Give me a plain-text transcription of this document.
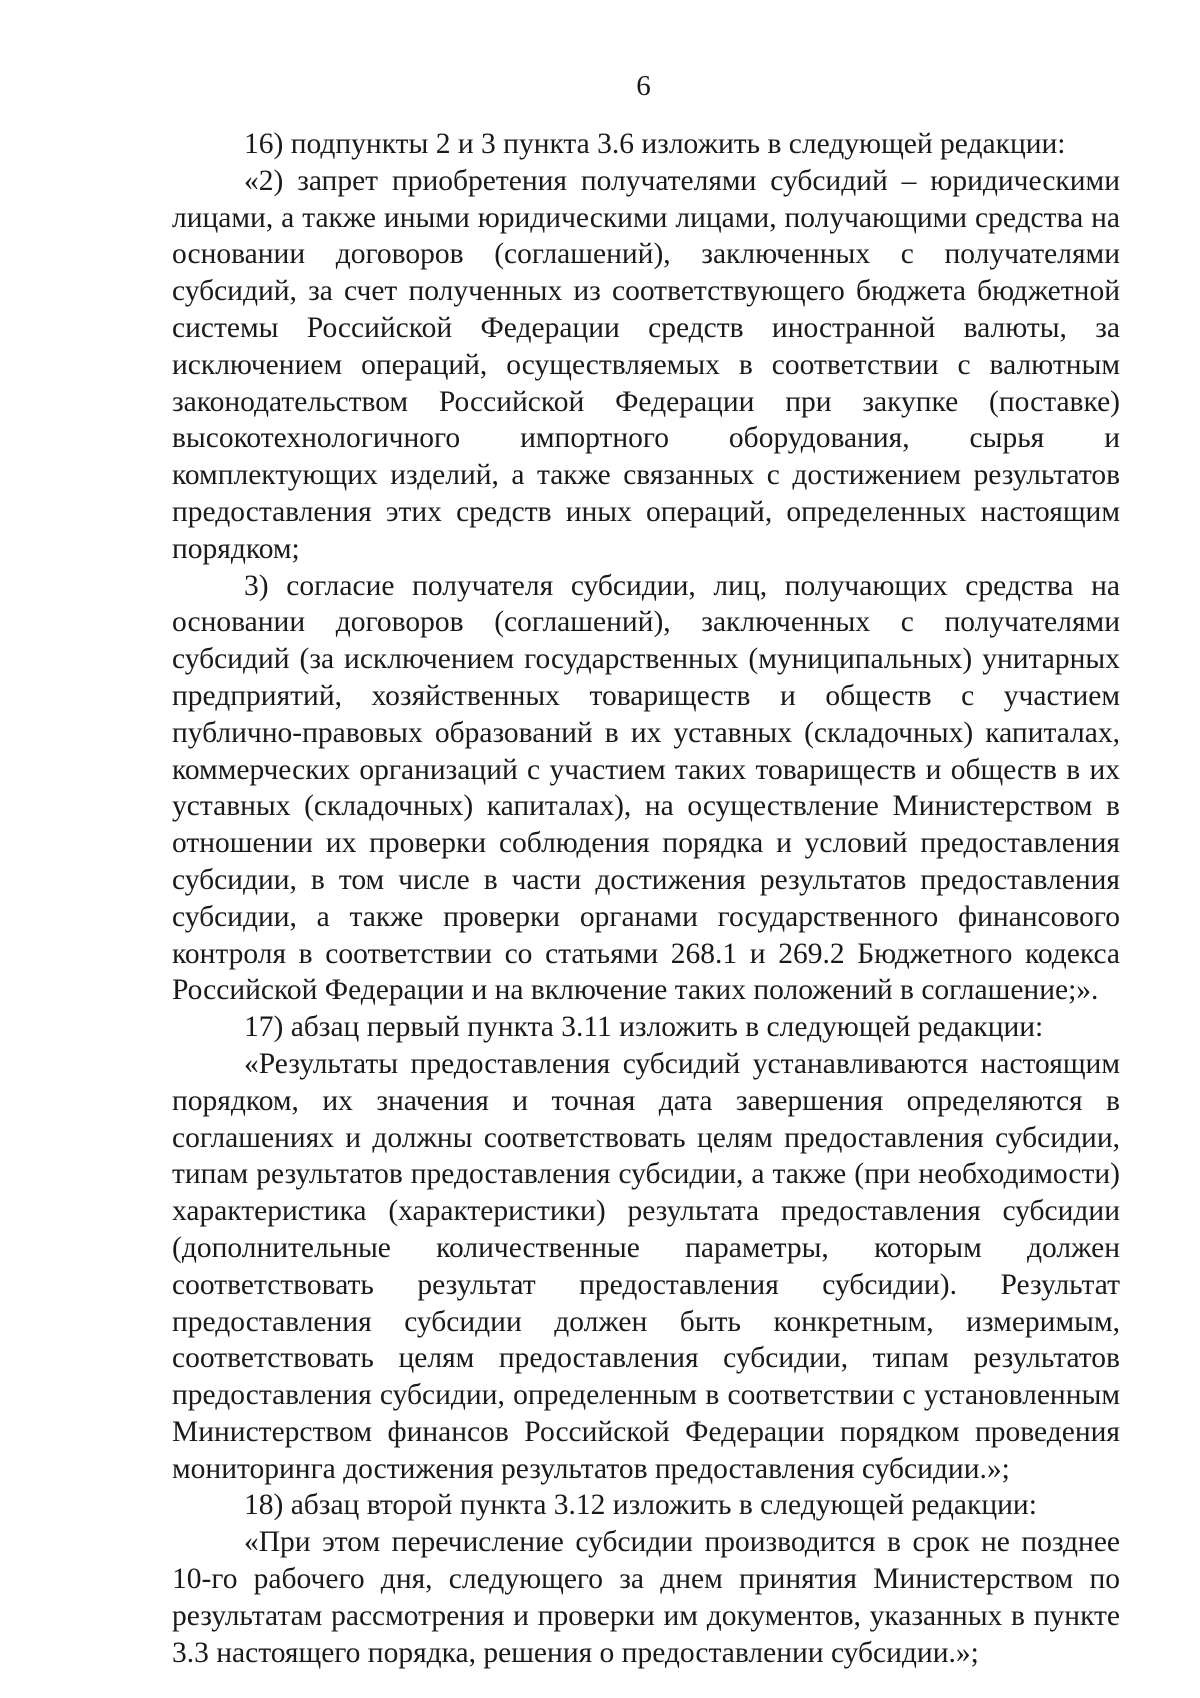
6

16) подпункты 2 и 3 пункта 3.6 изложить в следующей редакции:

«2) запрет приобретения получателями субсидий – юридическими лицами, а также иными юридическими лицами, получающими средства на основании договоров (соглашений), заключенных с получателями субсидий, за счет полученных из соответствующего бюджета бюджетной системы Российской Федерации средств иностранной валюты, за исключением операций, осуществляемых в соответствии с валютным законодательством Российской Федерации при закупке (поставке) высокотехнологичного импортного оборудования, сырья и комплектующих изделий, а также связанных с достижением результатов предоставления этих средств иных операций, определенных настоящим порядком;

3) согласие получателя субсидии, лиц, получающих средства на основании договоров (соглашений), заключенных с получателями субсидий (за исключением государственных (муниципальных) унитарных предприятий, хозяйственных товариществ и обществ с участием публично-правовых образований в их уставных (складочных) капиталах, коммерческих организаций с участием таких товариществ и обществ в их уставных (складочных) капиталах), на осуществление Министерством в отношении их проверки соблюдения порядка и условий предоставления субсидии, в том числе в части достижения результатов предоставления субсидии, а также проверки органами государственного финансового контроля в соответствии со статьями 268.1 и 269.2 Бюджетного кодекса Российской Федерации и на включение таких положений в соглашение;».

17) абзац первый пункта 3.11 изложить в следующей редакции:

«Результаты предоставления субсидий устанавливаются настоящим порядком, их значения и точная дата завершения определяются в соглашениях и должны соответствовать целям предоставления субсидии, типам результатов предоставления субсидии, а также (при необходимости) характеристика (характеристики) результата предоставления субсидии (дополнительные количественные параметры, которым должен соответствовать результат предоставления субсидии). Результат предоставления субсидии должен быть конкретным, измеримым, соответствовать целям предоставления субсидии, типам результатов предоставления субсидии, определенным в соответствии с установленным Министерством финансов Российской Федерации порядком проведения мониторинга достижения результатов предоставления субсидии.»;

18) абзац второй пункта 3.12 изложить в следующей редакции:

«При этом перечисление субсидии производится в срок не позднее 10-го рабочего дня, следующего за днем принятия Министерством по результатам рассмотрения и проверки им документов, указанных в пункте 3.3 настоящего порядка, решения о предоставлении субсидии.»;
